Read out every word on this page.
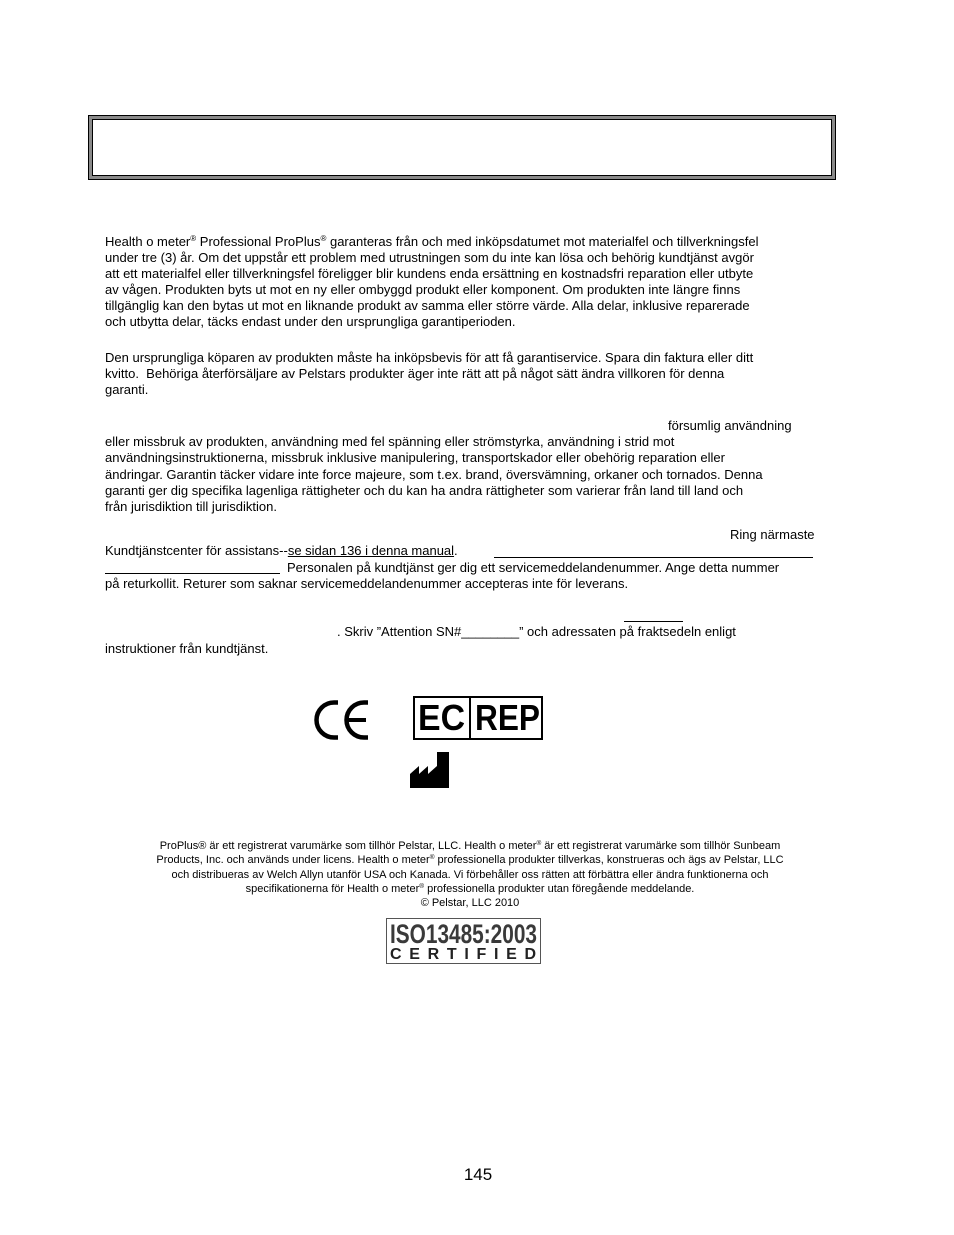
Health o meter® Professional ProPlus® garanteras från och med inköpsdatumet mot materialfel och tillverkningsfel
under tre (3) år. Om det uppstår ett problem med utrustningen som du inte kan lösa och behörig kundtjänst avgör
att ett materialfel eller tillverkningsfel föreligger blir kundens enda ersättning en kostnadsfri reparation eller utbyte
av vågen. Produkten byts ut mot en ny eller ombyggd produkt eller komponent. Om produkten inte längre finns
tillgänglig kan den bytas ut mot en liknande produkt av samma eller större värde. Alla delar, inklusive reparerade
och utbytta delar, täcks endast under den ursprungliga garantiperioden.
Den ursprungliga köparen av produkten måste ha inköpsbevis för att få garantiservice. Spara din faktura eller ditt
kvitto.  Behöriga återförsäljare av Pelstars produkter äger inte rätt att på något sätt ändra villkoren för denna
garanti.
försumlig användning
eller missbruk av produkten, användning med fel spänning eller strömstyrka, användning i strid mot
användningsinstruktionerna, missbruk inklusive manipulering, transportskador eller obehörig reparation eller
ändringar. Garantin täcker vidare inte force majeure, som t.ex. brand, översvämning, orkaner och tornados. Denna
garanti ger dig specifika lagenliga rättigheter och du kan ha andra rättigheter som varierar från land till land och
från jurisdiktion till jurisdiktion.
Ring närmaste
Kundtjänstcenter för assistans--se sidan 136 i denna manual.
Personalen på kundtjänst ger dig ett servicemeddelandenummer. Ange detta nummer
på returkollit. Returer som saknar servicemeddelandenummer accepteras inte för leverans.
. Skriv ”Attention SN#________” och adressaten på fraktsedeln enligt
instruktioner från kundtjänst.
EC REP
ProPlus® är ett registrerat varumärke som tillhör Pelstar, LLC. Health o meter® är ett registrerat varumärke som tillhör Sunbeam
Products, Inc. och används under licens. Health o meter® professionella produkter tillverkas, konstrueras och ägs av Pelstar, LLC
och distribueras av Welch Allyn utanför USA och Kanada. Vi förbehåller oss rätten att förbättra eller ändra funktionerna och
specifikationerna för Health o meter® professionella produkter utan föregående meddelande.
© Pelstar, LLC 2010
ISO13485:2003
CERTIFIED
145
